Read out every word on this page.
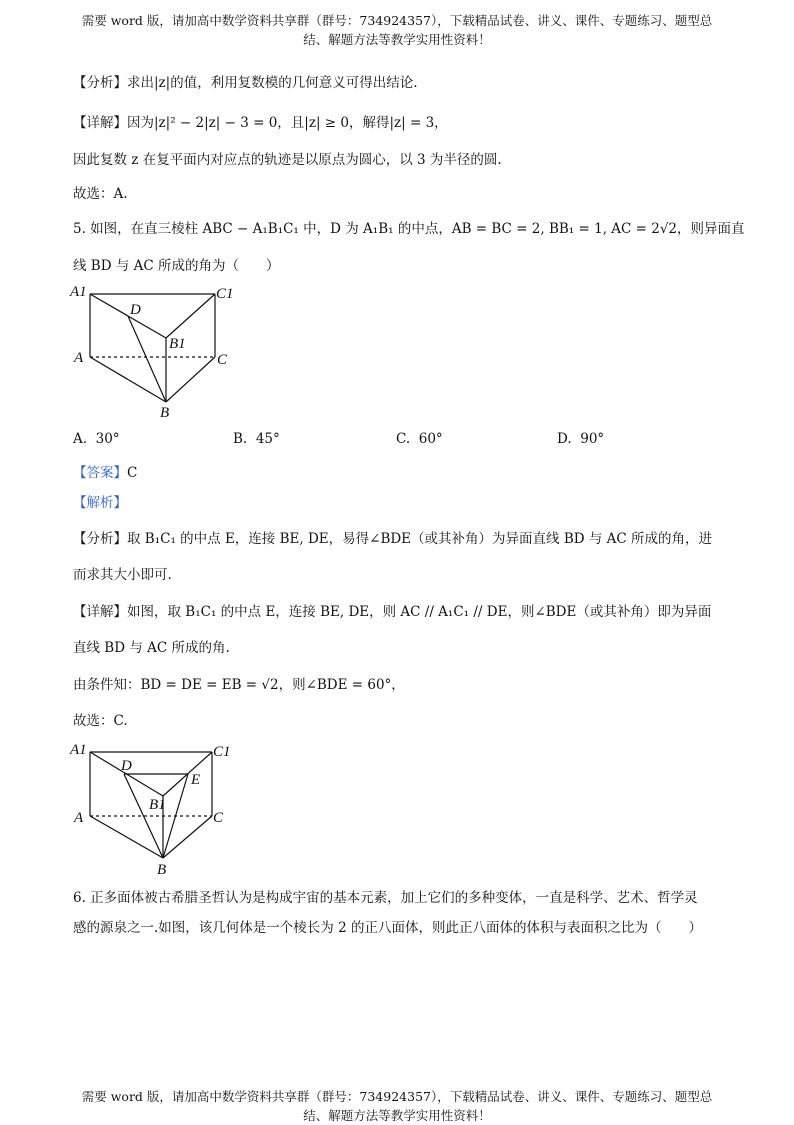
需要 word 版，请加高中数学资料共享群（群号：734924357），下载精品试卷、讲义、课件、专题练习、题型总
结、解题方法等教学实用性资料！
【分析】求出|z|的值，利用复数模的几何意义可得出结论.
【详解】因为|z|² − 2|z| − 3 = 0，且|z| ≥ 0，解得|z| = 3，
因此复数 z 在复平面内对应点的轨迹是以原点为圆心，以 3 为半径的圆.
故选：A.
5. 如图，在直三棱柱 ABC − A₁B₁C₁ 中，D 为 A₁B₁ 的中点，AB = BC = 2, BB₁ = 1, AC = 2√2，则异面直
线 BD 与 AC 所成的角为（　　）
A1
D
C1
B1
A	C
B
A. 30°	B. 45°	C. 60°	D. 90°
【答案】C
【解析】
【分析】取 B₁C₁ 的中点 E，连接 BE, DE，易得∠BDE（或其补角）为异面直线 BD 与 AC 所成的角，进
而求其大小即可.
【详解】如图，取 B₁C₁ 的中点 E，连接 BE, DE，则 AC // A₁C₁ // DE，则∠BDE（或其补角）即为异面
直线 BD 与 AC 所成的角.
由条件知：BD = DE = EB = √2，则∠BDE = 60°，
故选：C.
A1
D
C1
E
B1
A	C
B
6. 正多面体被古希腊圣哲认为是构成宇宙的基本元素，加上它们的多种变体，一直是科学、艺术、哲学灵
感的源泉之一.如图，该几何体是一个棱长为 2 的正八面体，则此正八面体的体积与表面积之比为（　　）
需要 word 版，请加高中数学资料共享群（群号：734924357），下载精品试卷、讲义、课件、专题练习、题型总
结、解题方法等教学实用性资料！
